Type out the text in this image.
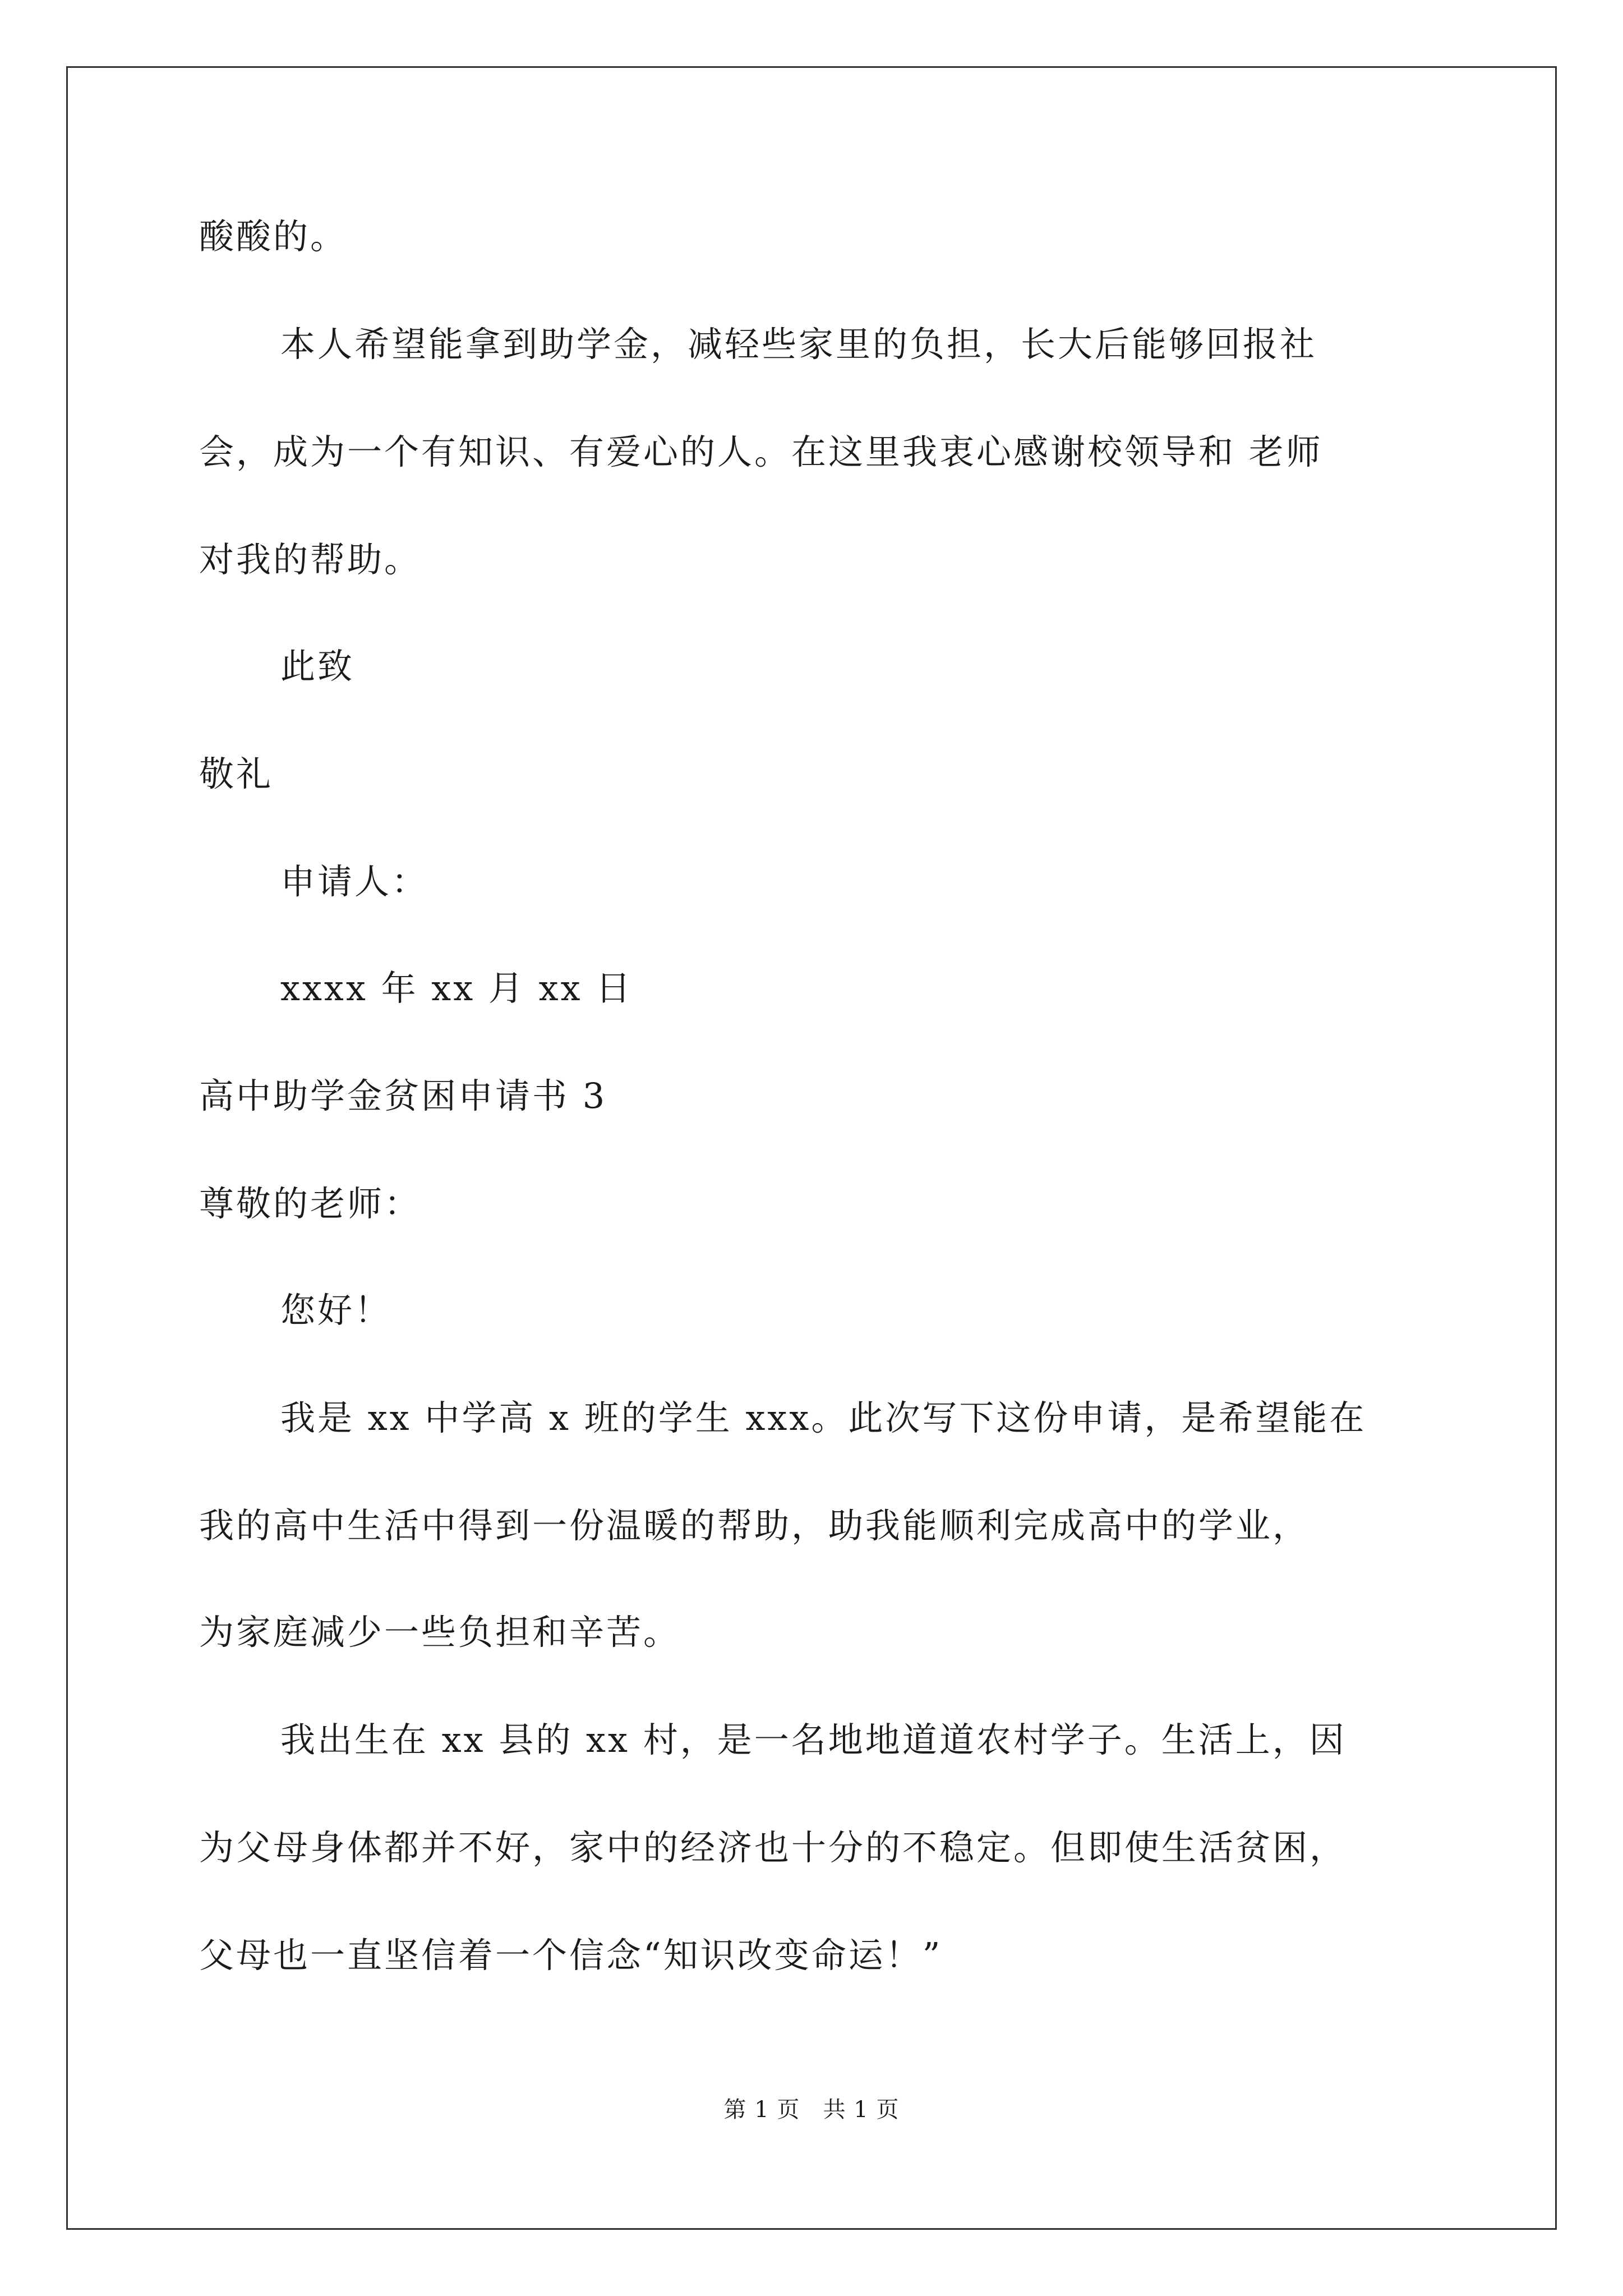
酸酸的。
本人希望能拿到助学金，减轻些家里的负担，长大后能够回报社
会，成为一个有知识、有爱心的人。在这里我衷心感谢校领导和 老师
对我的帮助。
此致
敬礼
申请人：
xxxx 年 xx 月 xx 日
高中助学金贫困申请书 3
尊敬的老师：
您好！
我是 xx 中学高 x 班的学生 xxx。此次写下这份申请，是希望能在
我的高中生活中得到一份温暖的帮助，助我能顺利完成高中的学业，
为家庭减少一些负担和辛苦。
我出生在 xx 县的 xx 村，是一名地地道道农村学子。生活上，因
为父母身体都并不好，家中的经济也十分的不稳定。但即使生活贫困，
父母也一直坚信着一个信念“知识改变命运！”
第 1 页   共 1 页
